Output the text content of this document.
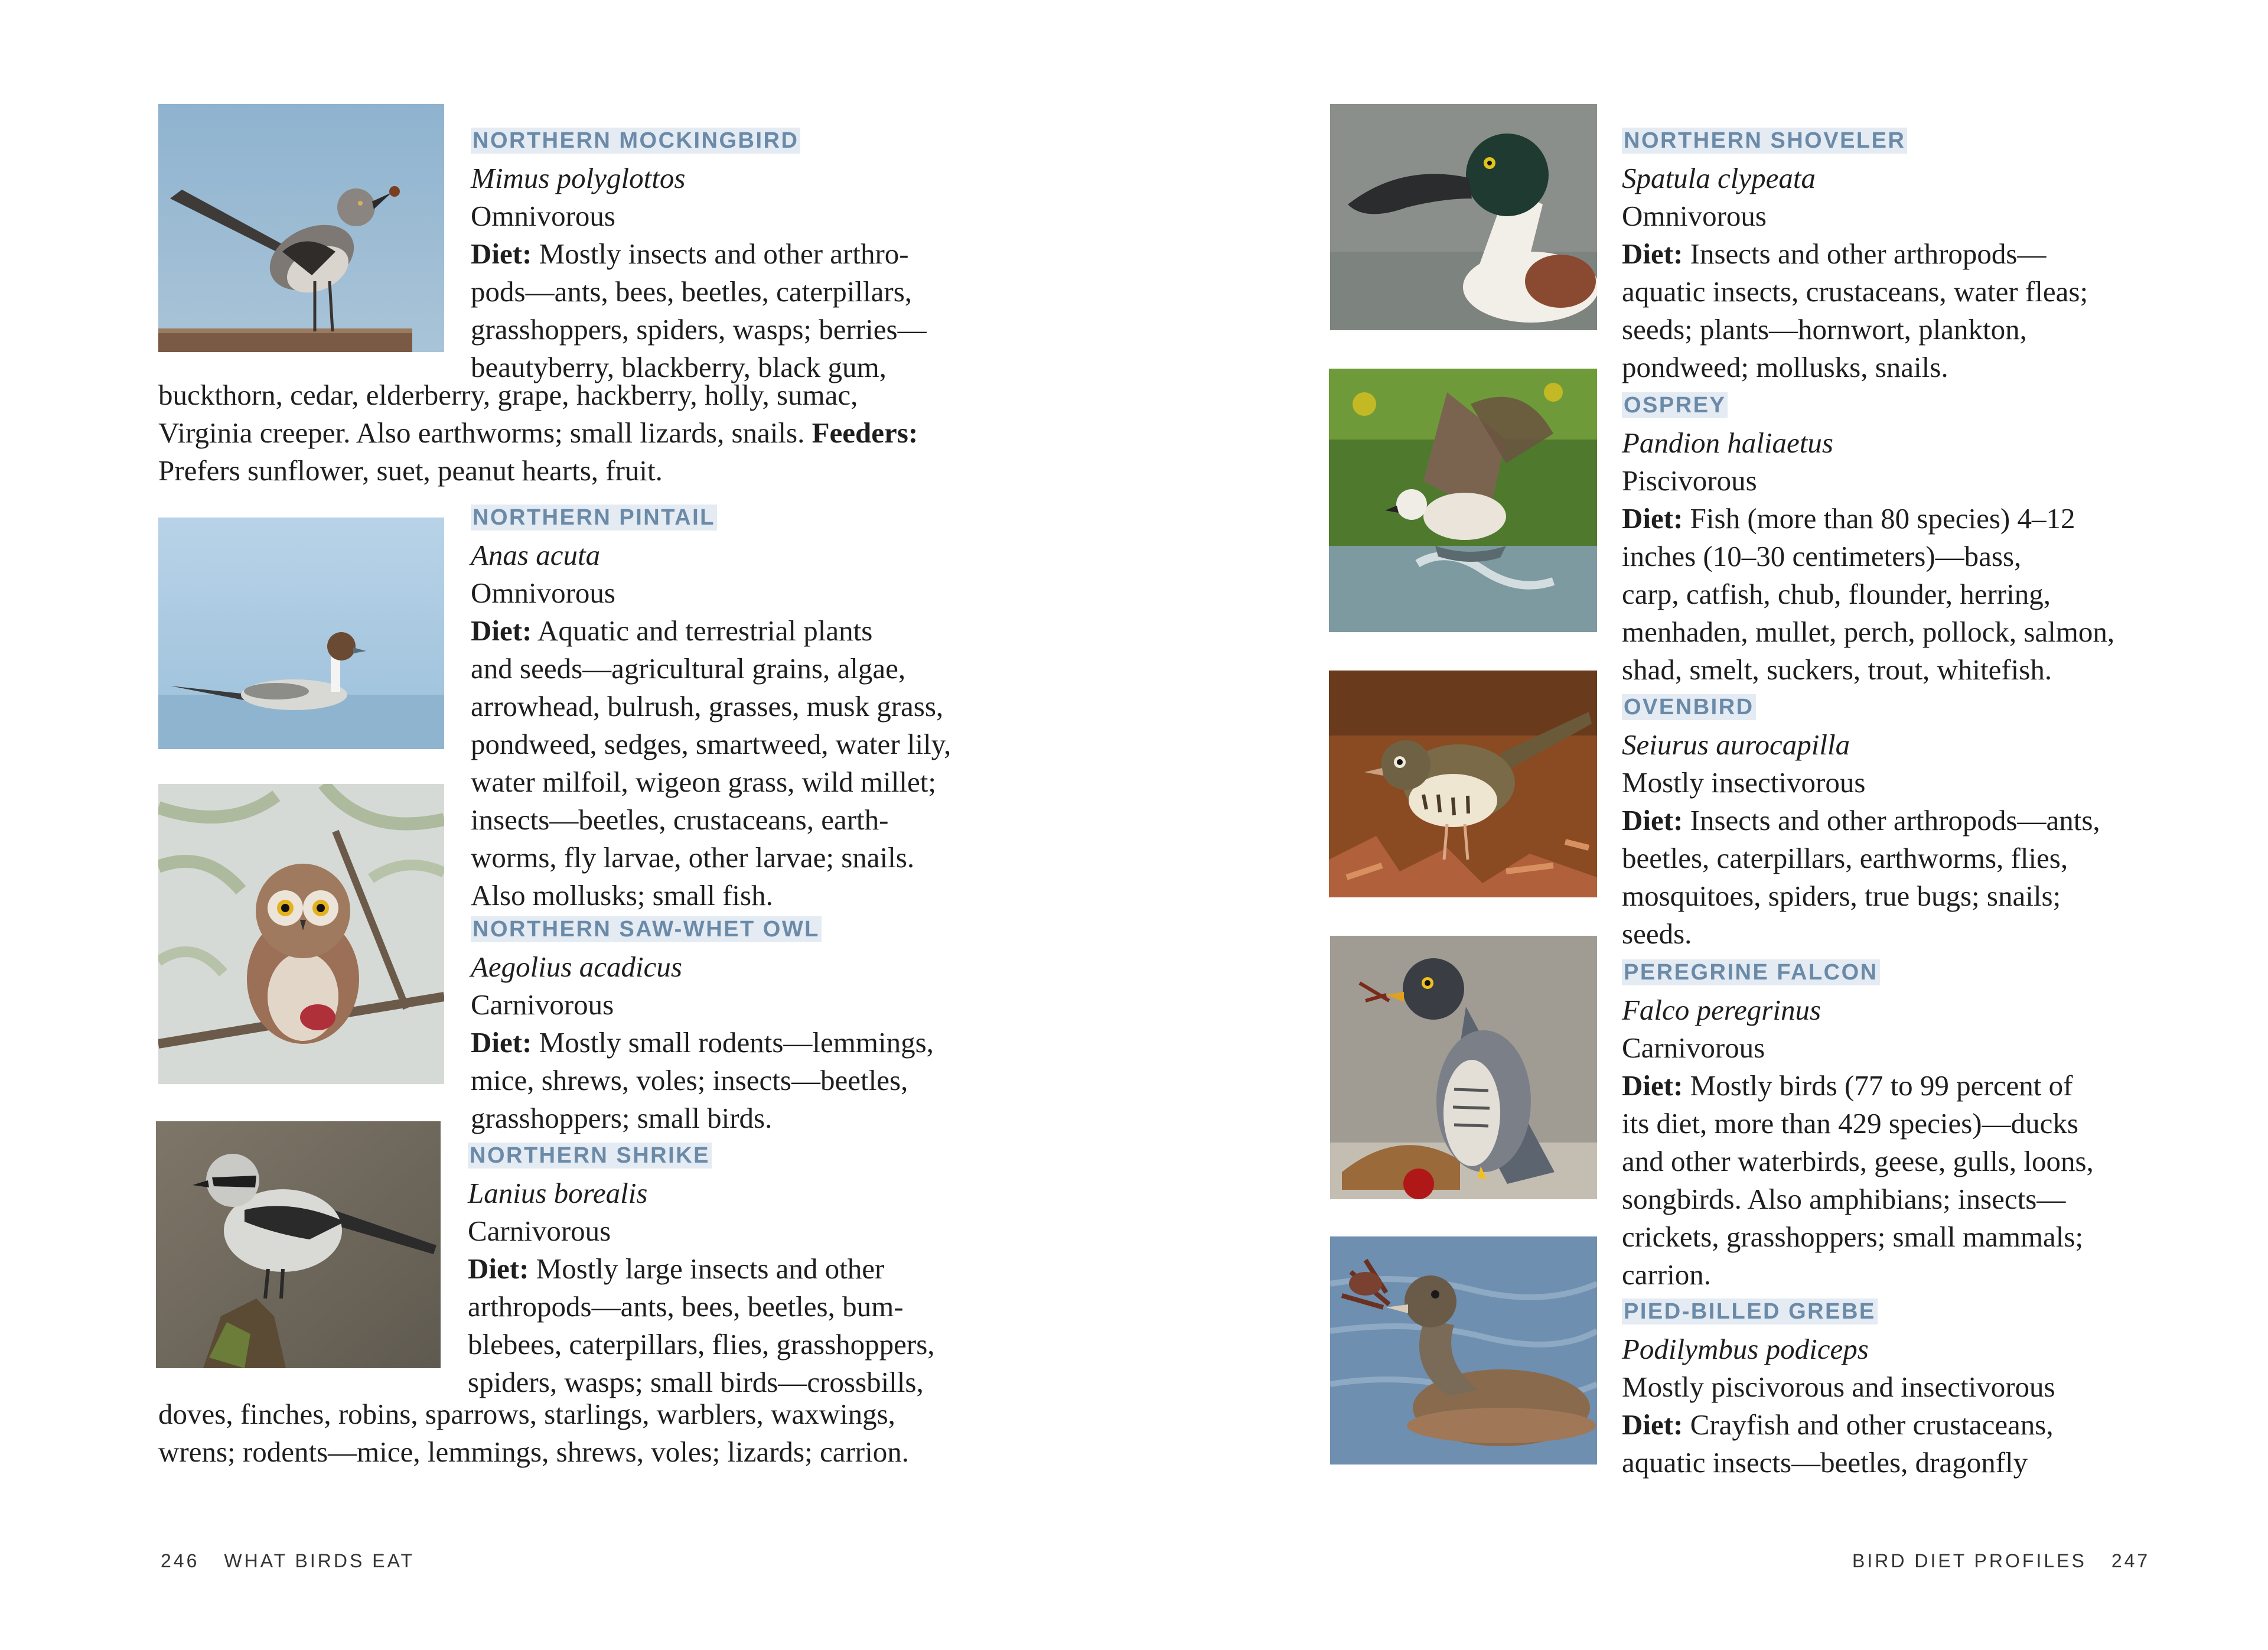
NORTHERN MOCKINGBIRD
Mimus polyglottos
Omnivorous
Diet: Mostly insects and other arthro-
pods—ants, bees, beetles, caterpillars,
grasshoppers, spiders, wasps; berries—
beautyberry, blackberry, black gum,
buckthorn, cedar, elderberry, grape, hackberry, holly, sumac,
Virginia creeper. Also earthworms; small lizards, snails. Feeders:
Prefers sunflower, suet, peanut hearts, fruit.
NORTHERN PINTAIL
Anas acuta
Omnivorous
Diet: Aquatic and terrestrial plants
and seeds—agricultural grains, algae,
arrowhead, bulrush, grasses, musk grass,
pondweed, sedges, smartweed, water lily,
water milfoil, wigeon grass, wild millet;
insects—beetles, crustaceans, earth-
worms, fly larvae, other larvae; snails.
Also mollusks; small fish.
NORTHERN SAW-WHET OWL
Aegolius acadicus
Carnivorous
Diet: Mostly small rodents—lemmings,
mice, shrews, voles; insects—beetles,
grasshoppers; small birds.
NORTHERN SHRIKE
Lanius borealis
Carnivorous
Diet: Mostly large insects and other
arthropods—ants, bees, beetles, bum-
blebees, caterpillars, flies, grasshoppers,
spiders, wasps; small birds—crossbills,
doves, finches, robins, sparrows, starlings, warblers, waxwings,
wrens; rodents—mice, lemmings, shrews, voles; lizards; carrion.
246 WHAT BIRDS EAT
NORTHERN SHOVELER
Spatula clypeata
Omnivorous
Diet: Insects and other arthropods—
aquatic insects, crustaceans, water fleas;
seeds; plants—hornwort, plankton,
pondweed; mollusks, snails.
OSPREY
Pandion haliaetus
Piscivorous
Diet: Fish (more than 80 species) 4–12
inches (10–30 centimeters)—bass,
carp, catfish, chub, flounder, herring,
menhaden, mullet, perch, pollock, salmon,
shad, smelt, suckers, trout, whitefish.
OVENBIRD
Seiurus aurocapilla
Mostly insectivorous
Diet: Insects and other arthropods—ants,
beetles, caterpillars, earthworms, flies,
mosquitoes, spiders, true bugs; snails;
seeds.
PEREGRINE FALCON
Falco peregrinus
Carnivorous
Diet: Mostly birds (77 to 99 percent of
its diet, more than 429 species)—ducks
and other waterbirds, geese, gulls, loons,
songbirds. Also amphibians; insects—
crickets, grasshoppers; small mammals;
carrion.
PIED-BILLED GREBE
Podilymbus podiceps
Mostly piscivorous and insectivorous
Diet: Crayfish and other crustaceans,
aquatic insects—beetles, dragonfly
BIRD DIET PROFILES 247
